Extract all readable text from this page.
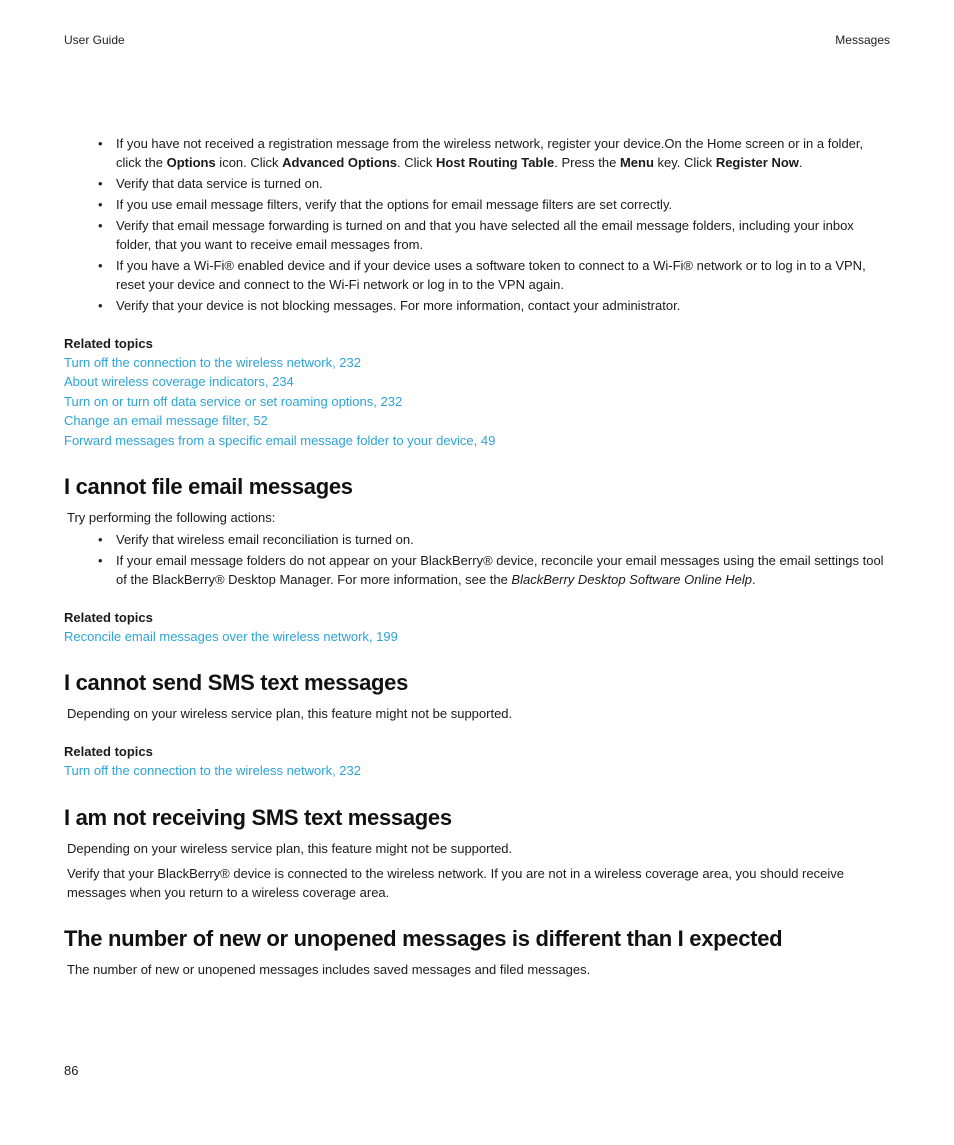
User Guide	Messages
• If you have not received a registration message from the wireless network, register your device.On the Home screen or in a folder, click the Options icon. Click Advanced Options. Click Host Routing Table. Press the Menu key. Click Register Now.
• Verify that data service is turned on.
• If you use email message filters, verify that the options for email message filters are set correctly.
• Verify that email message forwarding is turned on and that you have selected all the email message folders, including your inbox folder, that you want to receive email messages from.
• If you have a Wi-Fi® enabled device and if your device uses a software token to connect to a Wi-Fi® network or to log in to a VPN, reset your device and connect to the Wi-Fi network or log in to the VPN again.
• Verify that your device is not blocking messages. For more information, contact your administrator.
Related topics
Turn off the connection to the wireless network, 232
About wireless coverage indicators, 234
Turn on or turn off data service or set roaming options, 232
Change an email message filter, 52
Forward messages from a specific email message folder to your device, 49
I cannot file email messages
Try performing the following actions:
• Verify that wireless email reconciliation is turned on.
• If your email message folders do not appear on your BlackBerry® device, reconcile your email messages using the email settings tool of the BlackBerry® Desktop Manager. For more information, see the BlackBerry Desktop Software Online Help.
Related topics
Reconcile email messages over the wireless network, 199
I cannot send SMS text messages
Depending on your wireless service plan, this feature might not be supported.
Related topics
Turn off the connection to the wireless network, 232
I am not receiving SMS text messages
Depending on your wireless service plan, this feature might not be supported.
Verify that your BlackBerry® device is connected to the wireless network. If you are not in a wireless coverage area, you should receive messages when you return to a wireless coverage area.
The number of new or unopened messages is different than I expected
The number of new or unopened messages includes saved messages and filed messages.
86
